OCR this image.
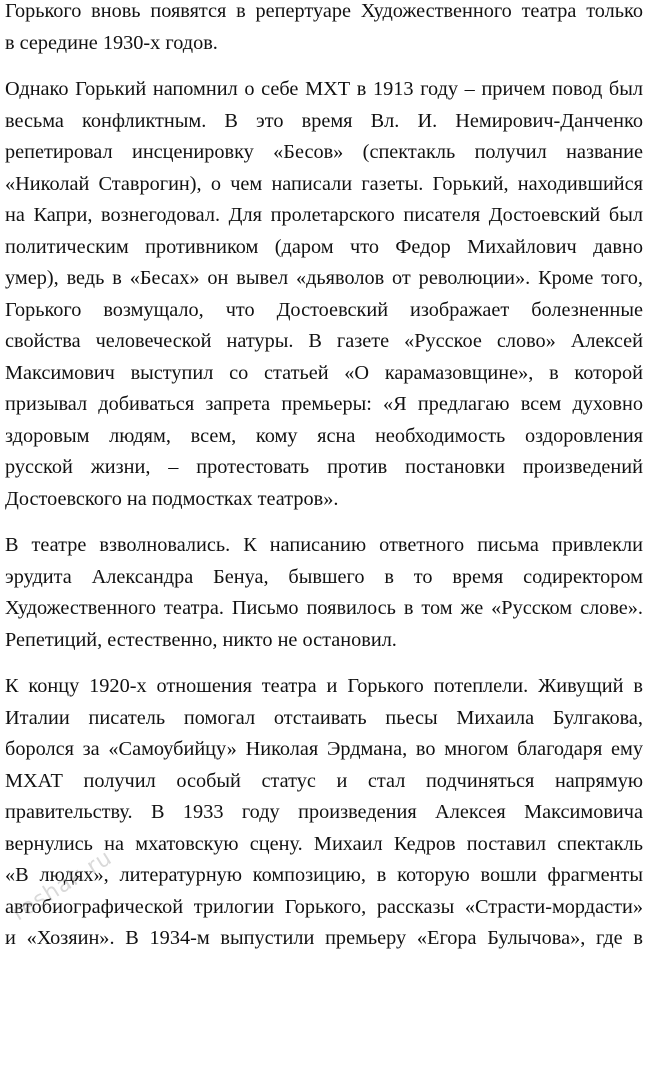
Горького вновь появятся в репертуаре Художественного театра только
в середине 1930-х годов.

Однако Горький напомнил о себе МХТ в 1913 году – причем повод был
весьма конфликтным. В это время Вл. И. Немирович-Данченко
репетировал инсценировку «Бесов» (спектакль получил название
«Николай Ставрогин), о чем написали газеты. Горький, находившийся
на Капри, вознегодовал. Для пролетарского писателя Достоевский был
политическим противником (даром что Федор Михайлович давно
умер), ведь в «Бесах» он вывел «дьяволов от революции». Кроме того,
Горького возмущало, что Достоевский изображает болезненные
свойства человеческой натуры. В газете «Русское слово» Алексей
Максимович выступил со статьей «О карамазовщине», в которой
призывал добиваться запрета премьеры: «Я предлагаю всем духовно
здоровым людям, всем, кому ясна необходимость оздоровления
русской жизни, – протестовать против постановки произведений
Достоевского на подмостках театров».

В театре взволновались. К написанию ответного письма привлекли
эрудита Александра Бенуа, бывшего в то время содиректором
Художественного театра. Письмо появилось в том же «Русском слове».
Репетиций, естественно, никто не остановил.

К концу 1920-х отношения театра и Горького потеплели. Живущий в
Италии писатель помогал отстаивать пьесы Михаила Булгакова,
боролся за «Самоубийцу» Николая Эрдмана, во многом благодаря ему
МХАТ получил особый статус и стал подчиняться напрямую
правительству. В 1933 году произведения Алексея Максимовича
вернулись на мхатовскую сцену. Михаил Кедров поставил спектакль
«В людях», литературную композицию, в которую вошли фрагменты
автобиографической трилогии Горького, рассказы «Страсти-мордасти»
и «Хозяин». В 1934-м выпустили премьеру «Егора Булычова», где в

reshak.ru
